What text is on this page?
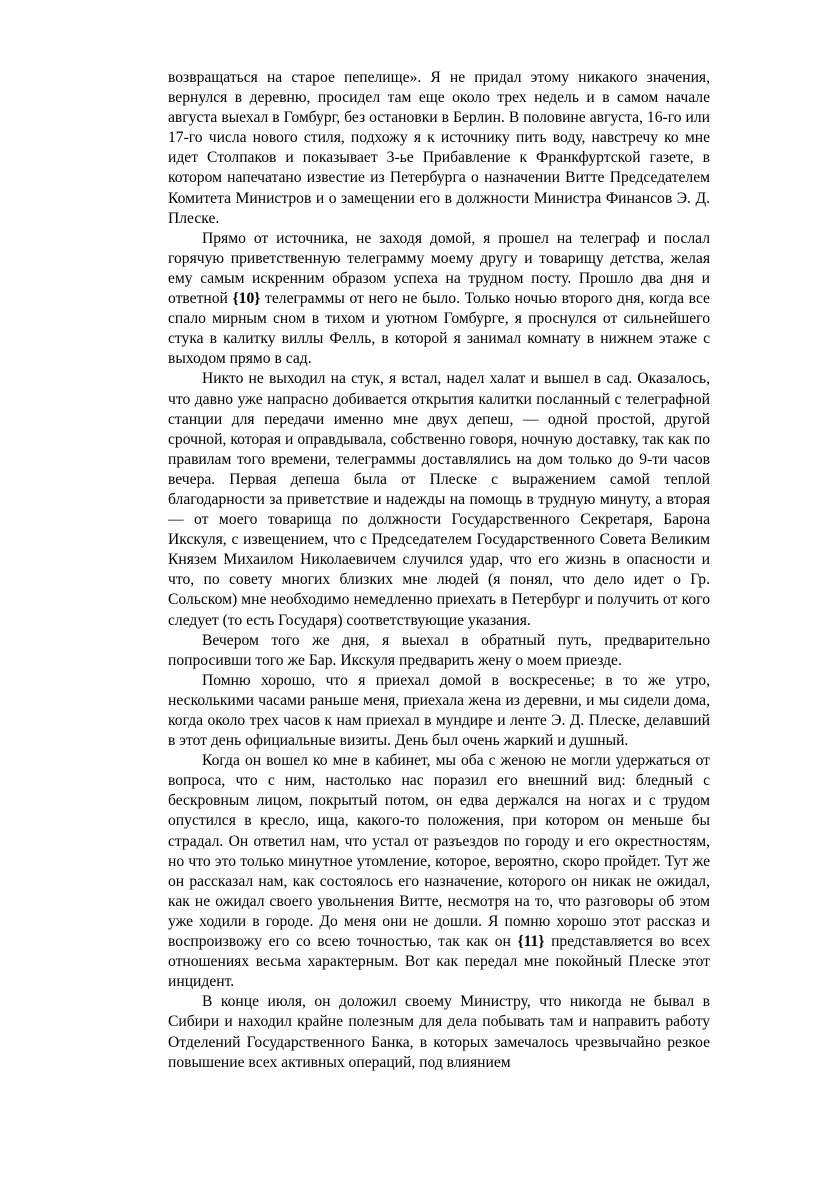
возвращаться на старое пепелище». Я не придал этому никакого значения, вернулся в деревню, просидел там еще около трех недель и в самом начале августа выехал в Гомбург, без остановки в Берлин. В половине августа, 16-го или 17-го числа нового стиля, подхожу я к источнику пить воду, навстречу ко мне идет Столпаков и показывает 3-ье Прибавление к Франкфуртской газете, в котором напечатано известие из Петербурга о назначении Витте Председателем Комитета Министров и о замещении его в должности Министра Финансов Э. Д. Плеске.

Прямо от источника, не заходя домой, я прошел на телеграф и послал горячую приветственную телеграмму моему другу и товарищу детства, желая ему самым искренним образом успеха на трудном посту. Прошло два дня и ответной {10} телеграммы от него не было. Только ночью второго дня, когда все спало мирным сном в тихом и уютном Гомбурге, я проснулся от сильнейшего стука в калитку виллы Фелль, в которой я занимал комнату в нижнем этаже с выходом прямо в сад.

Никто не выходил на стук, я встал, надел халат и вышел в сад. Оказалось, что давно уже напрасно добивается открытия калитки посланный с телеграфной станции для передачи именно мне двух депеш, — одной простой, другой срочной, которая и оправдывала, собственно говоря, ночную доставку, так как по правилам того времени, телеграммы доставлялись на дом только до 9-ти часов вечера. Первая депеша была от Плеске с выражением самой теплой благодарности за приветствие и надежды на помощь в трудную минуту, а вторая — от моего товарища по должности Государственного Секретаря, Барона Икскуля, с извещением, что с Председателем Государственного Совета Великим Князем Михаилом Николаевичем случился удар, что его жизнь в опасности и что, по совету многих близких мне людей (я понял, что дело идет о Гр. Сольском) мне необходимо немедленно приехать в Петербург и получить от кого следует (то есть Государя) соответствующие указания.

Вечером того же дня, я выехал в обратный путь, предварительно попросивши того же Бар. Икскуля предварить жену о моем приезде.

Помню хорошо, что я приехал домой в воскресенье; в то же утро, несколькими часами раньше меня, приехала жена из деревни, и мы сидели дома, когда около трех часов к нам приехал в мундире и ленте Э. Д. Плеске, делавший в этот день официальные визиты. День был очень жаркий и душный.

Когда он вошел ко мне в кабинет, мы оба с женою не могли удержаться от вопроса, что с ним, настолько нас поразил его внешний вид: бледный с бескровным лицом, покрытый потом, он едва держался на ногах и с трудом опустился в кресло, ища, какого-то положения, при котором он меньше бы страдал. Он ответил нам, что устал от разъездов по городу и его окрестностям, но что это только минутное утомление, которое, вероятно, скоро пройдет. Тут же он рассказал нам, как состоялось его назначение, которого он никак не ожидал, как не ожидал своего увольнения Витте, несмотря на то, что разговоры об этом уже ходили в городе. До меня они не дошли. Я помню хорошо этот рассказ и воспроизвожу его со всею точностью, так как он {11} представляется во всех отношениях весьма характерным. Вот как передал мне покойный Плеске этот инцидент.

В конце июля, он доложил своему Министру, что никогда не бывал в Сибири и находил крайне полезным для дела побывать там и направить работу Отделений Государственного Банка, в которых замечалось чрезвычайно резкое повышение всех активных операций, под влиянием
